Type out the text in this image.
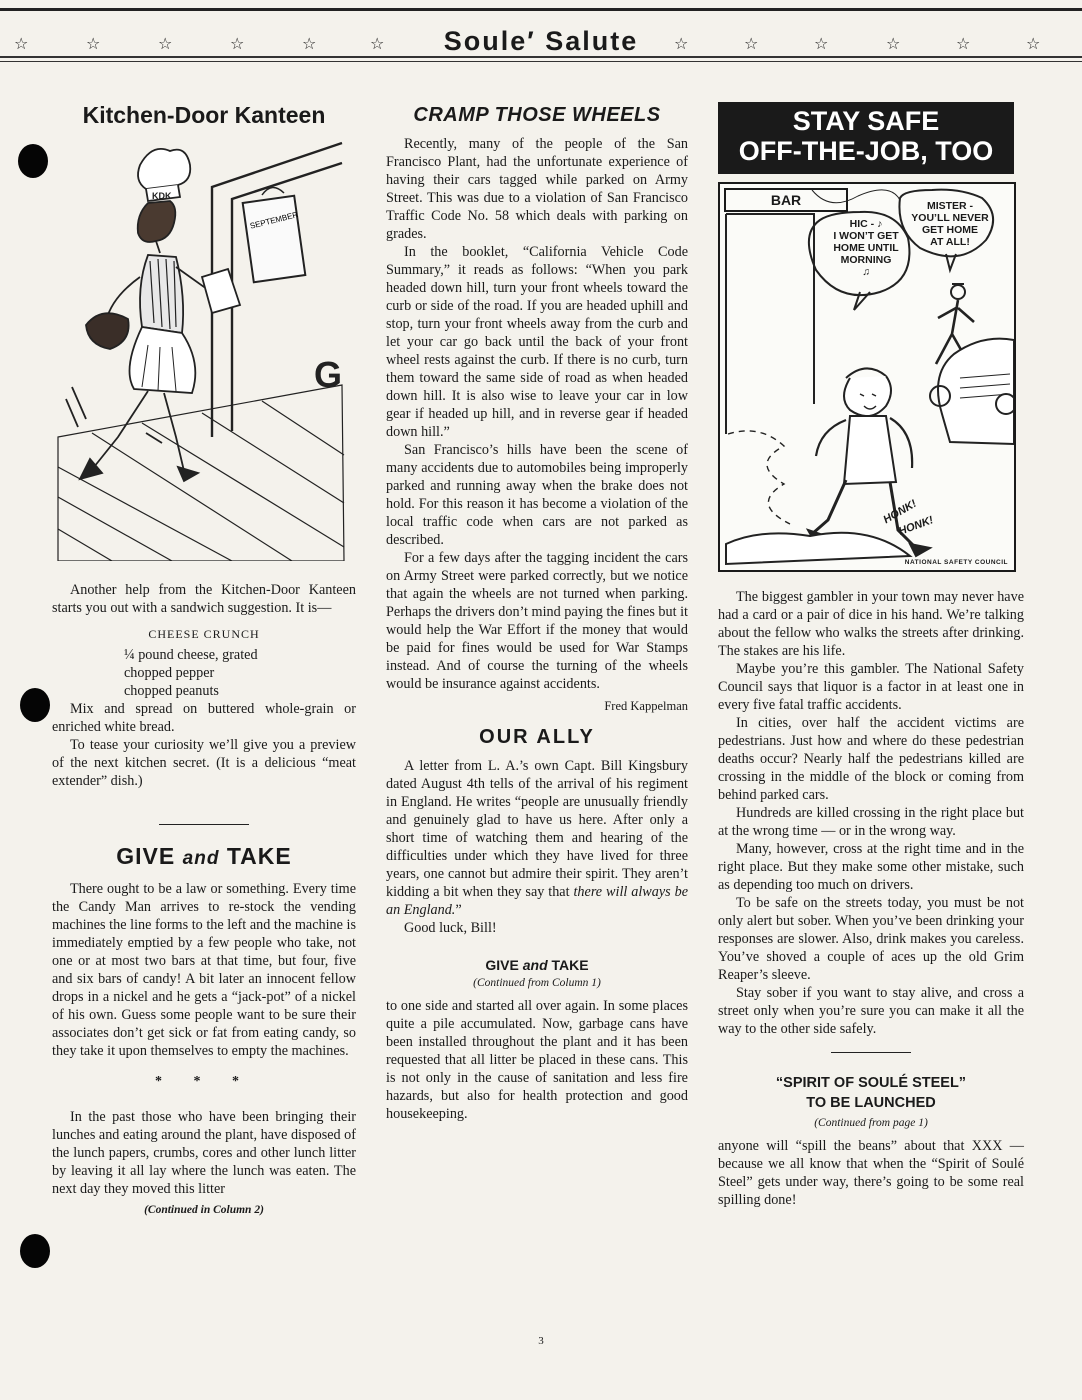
☆	☆	☆	☆	☆	☆	Soule′ Salute	☆	☆	☆	☆	☆	☆
Kitchen-Door Kanteen
SEPTEMBER
KDK
G

Another help from the Kitchen-Door Kanteen starts you out with a sandwich suggestion. It is—

CHEESE CRUNCH
¼ pound cheese, grated
chopped pepper
chopped peanuts

Mix and spread on buttered whole-grain or enriched white bread.

To tease your curiosity we’ll give you a preview of the next kitchen secret. (It is a delicious “meat extender” dish.)

GIVE and TAKE

There ought to be a law or something. Every time the Candy Man arrives to re-stock the vending machines the line forms to the left and the machine is immediately emptied by a few people who take, not one or at most two bars at that time, but four, five and six bars of candy! A bit later an innocent fellow drops in a nickel and he gets a “jack-pot” of a nickel of his own. Guess some people want to be sure their associates don’t get sick or fat from eating candy, so they take it upon themselves to empty the machines.

* * *

In the past those who have been bringing their lunches and eating around the plant, have disposed of the lunch papers, crumbs, cores and other lunch litter by leaving it all lay where the lunch was eaten. The next day they moved this litter

(Continued in Column 2)
CRAMP THOSE WHEELS

Recently, many of the people of the San Francisco Plant, had the unfortunate experience of having their cars tagged while parked on Army Street. This was due to a violation of San Francisco Traffic Code No. 58 which deals with parking on grades.

In the booklet, “California Vehicle Code Summary,” it reads as follows: “When you park headed down hill, turn your front wheels toward the curb or side of the road. If you are headed uphill and stop, turn your front wheels away from the curb and let your car go back until the back of your front wheel rests against the curb. If there is no curb, turn them toward the same side of road as when headed down hill. It is also wise to leave your car in low gear if headed up hill, and in reverse gear if headed down hill.”

San Francisco’s hills have been the scene of many accidents due to automobiles being improperly parked and running away when the brake does not hold. For this reason it has become a violation of the local traffic code when cars are not parked as described.

For a few days after the tagging incident the cars on Army Street were parked correctly, but we notice that again the wheels are not turned when parking. Perhaps the drivers don’t mind paying the fines but it would help the War Effort if the money that would be paid for fines would be used for War Stamps instead. And of course the turning of the wheels would be insurance against accidents.

Fred Kappelman
OUR ALLY

A letter from L. A.’s own Capt. Bill Kingsbury dated August 4th tells of the arrival of his regiment in England. He writes “people are unusually friendly and genuinely glad to have us here. After only a short time of watching them and hearing of the difficulties under which they have lived for three years, one cannot but admire their spirit. They aren’t kidding a bit when they say that there will always be an England.”

Good luck, Bill!

GIVE and TAKE
(Continued from Column 1)

to one side and started all over again. In some places quite a pile accumulated. Now, garbage cans have been installed throughout the plant and it has been requested that all litter be placed in these cans. This is not only in the cause of sanitation and less fire hazards, but also for health protection and good housekeeping.

STAY SAFE
OFF-THE-JOB, TOO
BAR
HIC - ♪
I WON’T GET
HOME UNTIL
MORNING
♫
MISTER -
YOU’LL NEVER
GET HOME
AT ALL!
HONK!
HONK!
NATIONAL SAFETY COUNCIL

The biggest gambler in your town may never have had a card or a pair of dice in his hand. We’re talking about the fellow who walks the streets after drinking. The stakes are his life.

Maybe you’re this gambler. The National Safety Council says that liquor is a factor in at least one in every five fatal traffic accidents.

In cities, over half the accident victims are pedestrians. Just how and where do these pedestrian deaths occur? Nearly half the pedestrians killed are crossing in the middle of the block or coming from behind parked cars.

Hundreds are killed crossing in the right place but at the wrong time — or in the wrong way.

Many, however, cross at the right time and in the right place. But they make some other mistake, such as depending too much on drivers.

To be safe on the streets today, you must be not only alert but sober. When you’ve been drinking your responses are slower. Also, drink makes you careless. You’ve shoved a couple of aces up the old Grim Reaper’s sleeve.

Stay sober if you want to stay alive, and cross a street only when you’re sure you can make it all the way to the other side safely.

“SPIRIT OF SOULÉ STEEL”
TO BE LAUNCHED
(Continued from page 1)

anyone will “spill the beans” about that XXX — because we all know that when the “Spirit of Soulé Steel” gets under way, there’s going to be some real spilling done!

3
